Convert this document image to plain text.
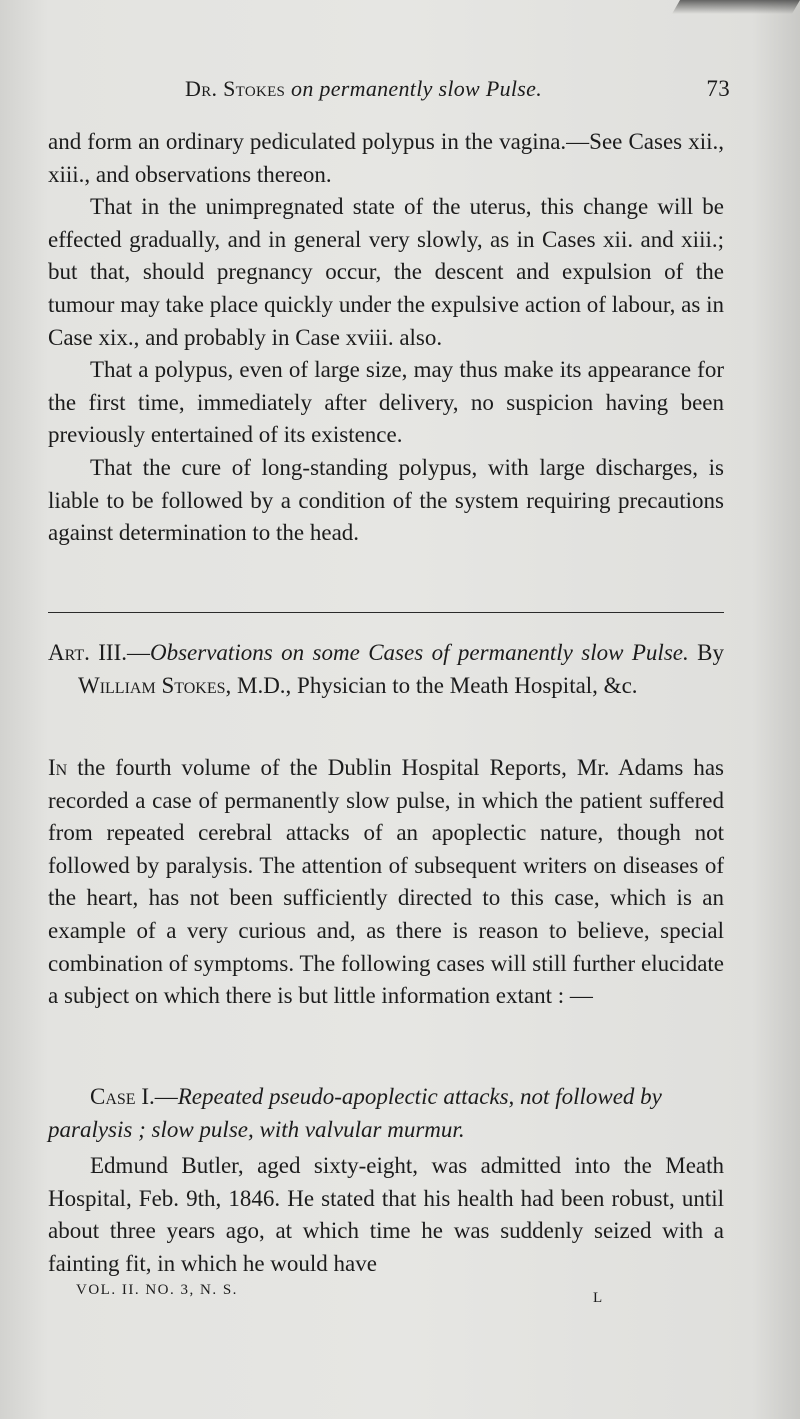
Dr. Stokes on permanently slow Pulse.	73

and form an ordinary pediculated polypus in the vagina.—See Cases xii., xiii., and observations thereon.

That in the unimpregnated state of the uterus, this change will be effected gradually, and in general very slowly, as in Cases xii. and xiii.; but that, should pregnancy occur, the descent and expulsion of the tumour may take place quickly under the expulsive action of labour, as in Case xix., and probably in Case xviii. also.

That a polypus, even of large size, may thus make its appearance for the first time, immediately after delivery, no suspicion having been previously entertained of its existence.

That the cure of long-standing polypus, with large discharges, is liable to be followed by a condition of the system requiring precautions against determination to the head.

Art. III.—Observations on some Cases of permanently slow Pulse. By William Stokes, M.D., Physician to the Meath Hospital, &c.

In the fourth volume of the Dublin Hospital Reports, Mr. Adams has recorded a case of permanently slow pulse, in which the patient suffered from repeated cerebral attacks of an apoplectic nature, though not followed by paralysis. The attention of subsequent writers on diseases of the heart, has not been sufficiently directed to this case, which is an example of a very curious and, as there is reason to believe, special combination of symptoms. The following cases will still further elucidate a subject on which there is but little information extant : —

Case I.—Repeated pseudo-apoplectic attacks, not followed by paralysis ; slow pulse, with valvular murmur.

Edmund Butler, aged sixty-eight, was admitted into the Meath Hospital, Feb. 9th, 1846. He stated that his health had been robust, until about three years ago, at which time he was suddenly seized with a fainting fit, in which he would have

VOL. II. NO. 3, N. S.	L
